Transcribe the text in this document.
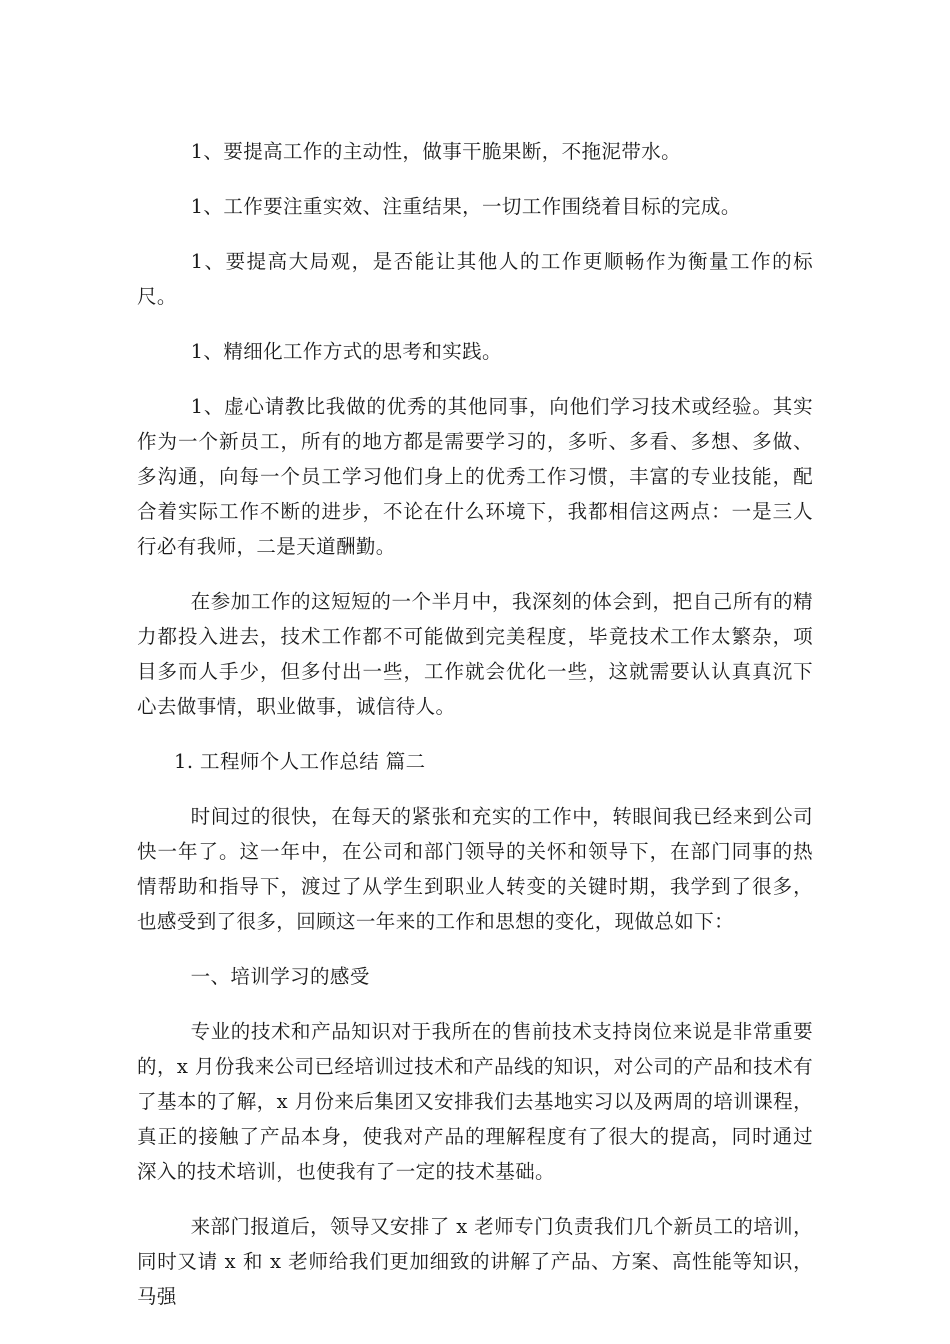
1、要提高工作的主动性，做事干脆果断，不拖泥带水。

1、工作要注重实效、注重结果，一切工作围绕着目标的完成。

1、要提高大局观，是否能让其他人的工作更顺畅作为衡量工作的标尺。

1、精细化工作方式的思考和实践。

1、虚心请教比我做的优秀的其他同事，向他们学习技术或经验。其实作为一个新员工，所有的地方都是需要学习的，多听、多看、多想、多做、多沟通，向每一个员工学习他们身上的优秀工作习惯，丰富的专业技能，配合着实际工作不断的进步，不论在什么环境下，我都相信这两点：一是三人行必有我师，二是天道酬勤。

在参加工作的这短短的一个半月中，我深刻的体会到，把自己所有的精力都投入进去，技术工作都不可能做到完美程度，毕竟技术工作太繁杂，项目多而人手少，但多付出一些，工作就会优化一些，这就需要认认真真沉下心去做事情，职业做事，诚信待人。

1. 工程师个人工作总结 篇二

时间过的很快，在每天的紧张和充实的工作中，转眼间我已经来到公司快一年了。这一年中，在公司和部门领导的关怀和领导下，在部门同事的热情帮助和指导下，渡过了从学生到职业人转变的关键时期，我学到了很多，也感受到了很多，回顾这一年来的工作和思想的变化，现做总如下：

一、培训学习的感受

专业的技术和产品知识对于我所在的售前技术支持岗位来说是非常重要的，x 月份我来公司已经培训过技术和产品线的知识，对公司的产品和技术有了基本的了解，x 月份来后集团又安排我们去基地实习以及两周的培训课程，真正的接触了产品本身，使我对产品的理解程度有了很大的提高，同时通过深入的技术培训，也使我有了一定的技术基础。

来部门报道后，领导又安排了 x 老师专门负责我们几个新员工的培训，同时又请 x 和 x 老师给我们更加细致的讲解了产品、方案、高性能等知识，马强
